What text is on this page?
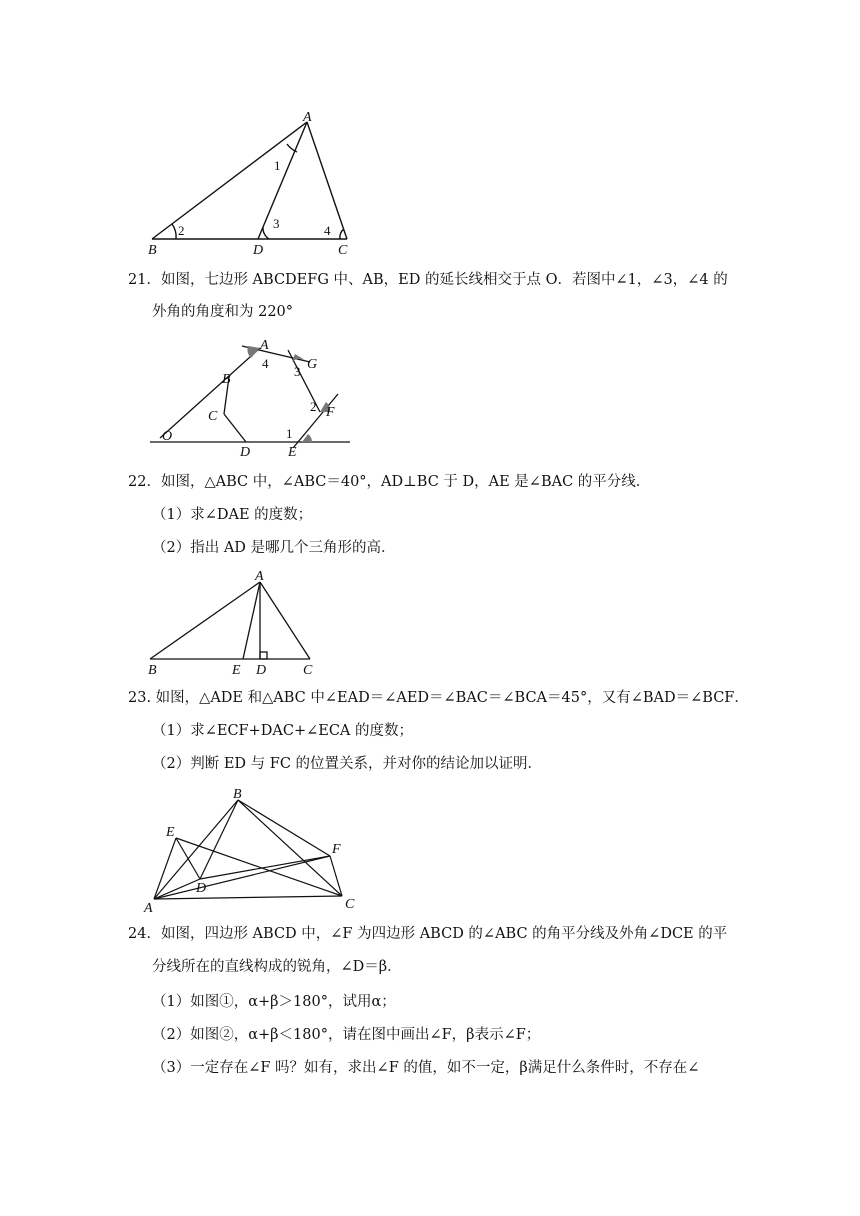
A
B	C
D
1
2	3	4
21．如图，七边形 ABCDEFG 中、AB，ED 的延长线相交于点 O．若图中∠1，∠3，∠4 的
外角的角度和为 220°
A
B
C
D	E
F
G
O	1
2
3
4
22．如图，△ABC 中，∠ABC＝40°，AD⊥BC 于 D，AE 是∠BAC 的平分线．
（1）求∠DAE 的度数；
（2）指出 AD 是哪几个三角形的高．
A
B	C
D
E
23. 如图，△ADE 和△ABC 中∠EAD＝∠AED＝∠BAC＝∠BCA＝45°，又有∠BAD＝∠BCF．
（1）求∠ECF+DAC+∠ECA 的度数；
（2）判断 ED 与 FC 的位置关系，并对你的结论加以证明．
A
B
C
D
E
F
24．如图，四边形 ABCD 中，∠F 为四边形 ABCD 的∠ABC 的角平分线及外角∠DCE 的平
分线所在的直线构成的锐角，∠D＝β．
（1）如图①，α+β＞180°，试用α；
（2）如图②，α+β＜180°，请在图中画出∠F，β表示∠F；
（3）一定存在∠F 吗？如有，求出∠F 的值，如不一定，β满足什么条件时，不存在∠
